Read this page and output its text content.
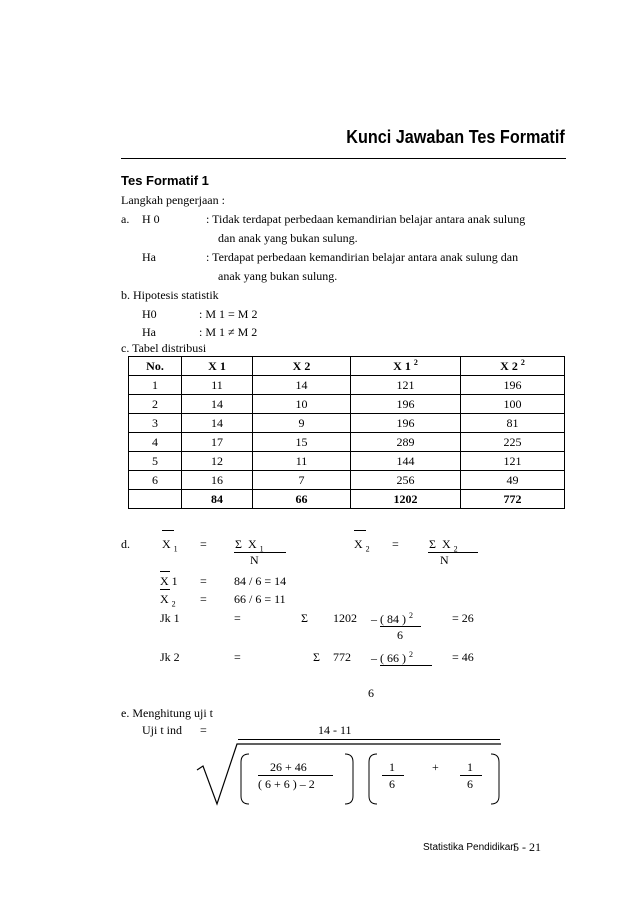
Kunci Jawaban Tes Formatif
Tes Formatif 1
Langkah pengerjaan :
a. H 0	: Tidak terdapat perbedaan kemandirian belajar antara anak sulung
dan anak yang bukan sulung.
Ha	: Terdapat perbedaan kemandirian belajar antara anak sulung dan
anak yang bukan sulung.
b. Hipotesis statistik
H0	: M 1 = M 2
Ha	: M 1 ≠ M 2
c. Tabel distribusi
No.	X 1	X 2	X 1 $^2$	X 2 $^2$
1	11	14	121	196
2	14	10	196	100
3	14	9	196	81
4	17	15	289	225
5	12	11	144	121
6	16	7	256	49
	84	66	1202	772
d.	X $_1$ = Σ X $_1$
N
X $_2$ =	Σ X $_2$
N
X 1 = 84 / 6 = 14
X $_2$ = 66 / 6 = 11
Jk 1	=	Σ 1202 – ( 84 ) $^2$
6
= 26
Jk 2	=	Σ 772 – ( 66 ) $^2$
6
= 46
e. Menghitung uji t
Uji t ind =	14 - 11
26 + 46
( 6 + 6 ) – 2
1
6
+ 1
6
Statistika Pendidikan
5 - 21
